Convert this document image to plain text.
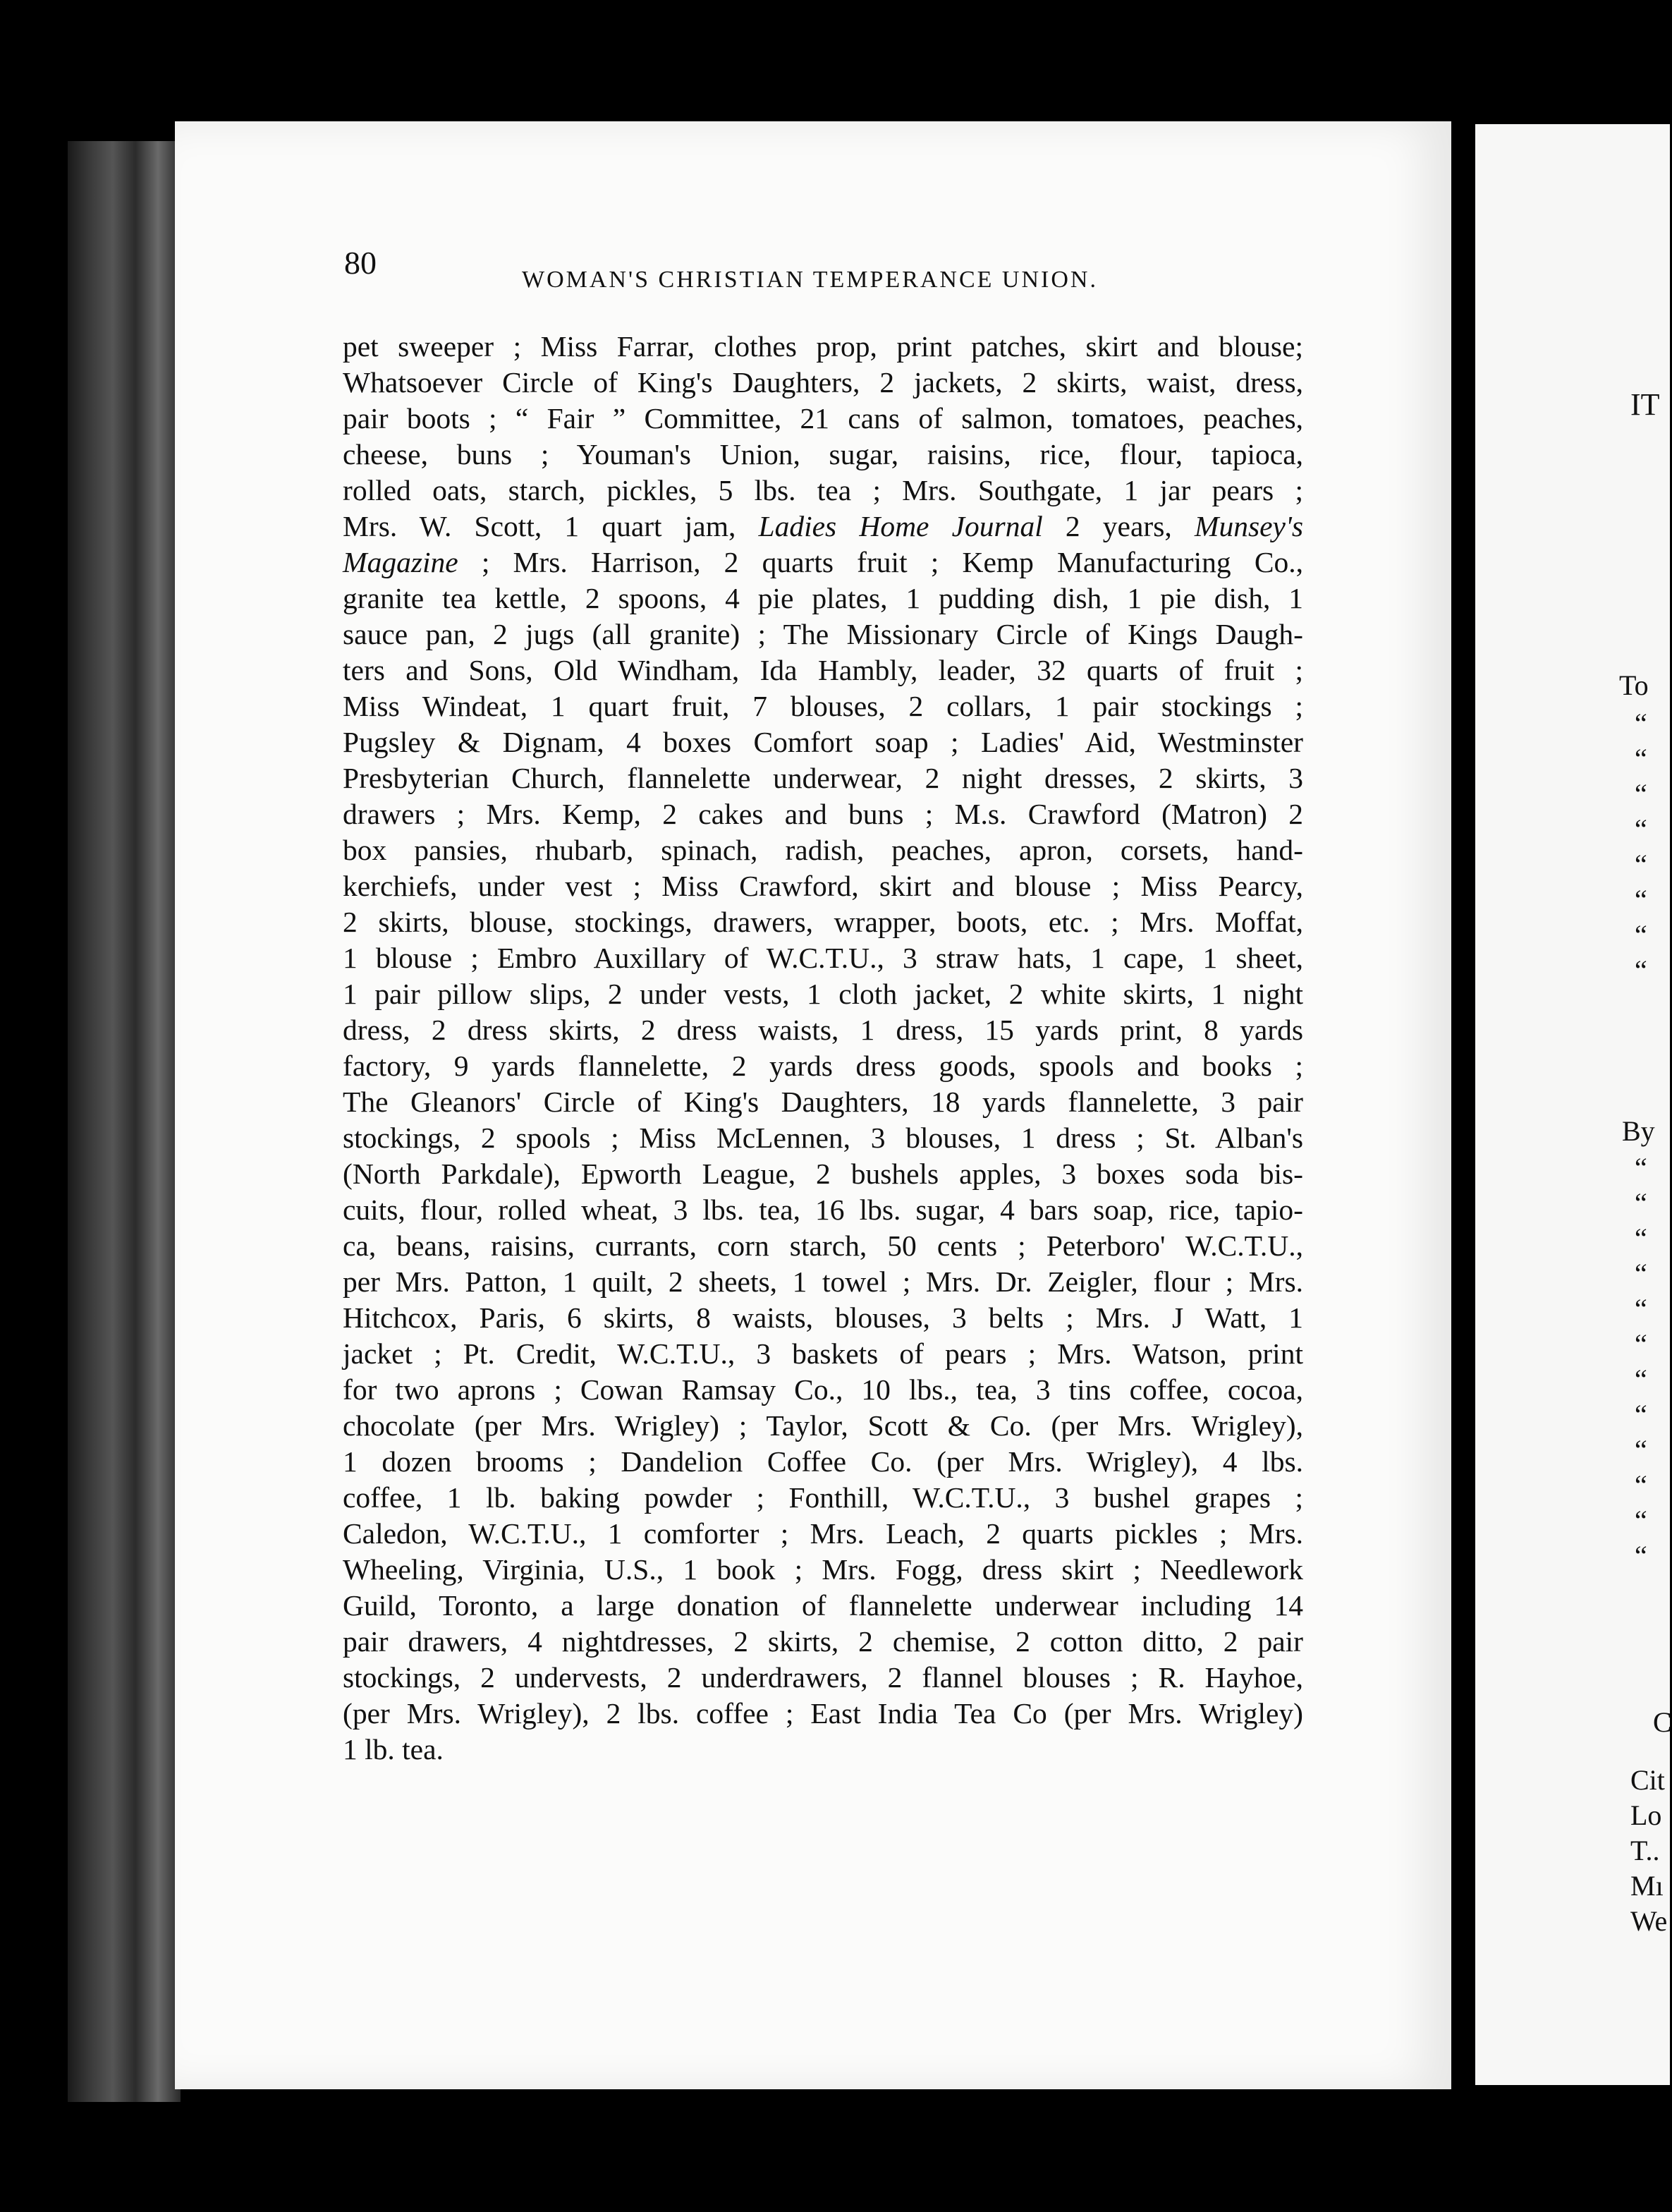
80	WOMAN'S CHRISTIAN TEMPERANCE UNION.
pet sweeper ; Miss Farrar, clothes prop, print patches, skirt and blouse;
Whatsoever Circle of King's Daughters, 2 jackets, 2 skirts, waist, dress,
pair boots ; “ Fair ” Committee, 21 cans of salmon, tomatoes, peaches,
cheese, buns ; Youman's Union, sugar, raisins, rice, flour, tapioca,
rolled oats, starch, pickles, 5 lbs. tea ; Mrs. Southgate, 1 jar pears ;
Mrs. W. Scott, 1 quart jam, Ladies Home Journal 2 years, Munsey's
Magazine ; Mrs. Harrison, 2 quarts fruit ; Kemp Manufacturing Co.,
granite tea kettle, 2 spoons, 4 pie plates, 1 pudding dish, 1 pie dish, 1
sauce pan, 2 jugs (all granite) ; The Missionary Circle of Kings Daugh-
ters and Sons, Old Windham, Ida Hambly, leader, 32 quarts of fruit ;
Miss Windeat, 1 quart fruit, 7 blouses, 2 collars, 1 pair stockings ;
Pugsley & Dignam, 4 boxes Comfort soap ; Ladies' Aid, Westminster
Presbyterian Church, flannelette underwear, 2 night dresses, 2 skirts, 3
drawers ; Mrs. Kemp, 2 cakes and buns ; M.s. Crawford (Matron) 2
box pansies, rhubarb, spinach, radish, peaches, apron, corsets, hand-
kerchiefs, under vest ; Miss Crawford, skirt and blouse ; Miss Pearcy,
2 skirts, blouse, stockings, drawers, wrapper, boots, etc. ; Mrs. Moffat,
1 blouse ; Embro Auxillary of W.C.T.U., 3 straw hats, 1 cape, 1 sheet,
1 pair pillow slips, 2 under vests, 1 cloth jacket, 2 white skirts, 1 night
dress, 2 dress skirts, 2 dress waists, 1 dress, 15 yards print, 8 yards
factory, 9 yards flannelette, 2 yards dress goods, spools and books ;
The Gleanors' Circle of King's Daughters, 18 yards flannelette, 3 pair
stockings, 2 spools ; Miss McLennen, 3 blouses, 1 dress ; St. Alban's
(North Parkdale), Epworth League, 2 bushels apples, 3 boxes soda bis-
cuits, flour, rolled wheat, 3 lbs. tea, 16 lbs. sugar, 4 bars soap, rice, tapio-
ca, beans, raisins, currants, corn starch, 50 cents ; Peterboro' W.C.T.U.,
per Mrs. Patton, 1 quilt, 2 sheets, 1 towel ; Mrs. Dr. Zeigler, flour ; Mrs.
Hitchcox, Paris, 6 skirts, 8 waists, blouses, 3 belts ; Mrs. J Watt, 1
jacket ; Pt. Credit, W.C.T.U., 3 baskets of pears ; Mrs. Watson, print
for two aprons ; Cowan Ramsay Co., 10 lbs., tea, 3 tins coffee, cocoa,
chocolate (per Mrs. Wrigley) ; Taylor, Scott & Co. (per Mrs. Wrigley),
1 dozen brooms ; Dandelion Coffee Co. (per Mrs. Wrigley), 4 lbs.
coffee, 1 lb. baking powder ; Fonthill, W.C.T.U., 3 bushel grapes ;
Caledon, W.C.T.U., 1 comforter ; Mrs. Leach, 2 quarts pickles ; Mrs.
Wheeling, Virginia, U.S., 1 book ; Mrs. Fogg, dress skirt ; Needlework
Guild, Toronto, a large donation of flannelette underwear including 14
pair drawers, 4 nightdresses, 2 skirts, 2 chemise, 2 cotton ditto, 2 pair
stockings, 2 undervests, 2 underdrawers, 2 flannel blouses ; R. Hayhoe,
(per Mrs. Wrigley), 2 lbs. coffee ; East India Tea Co (per Mrs. Wrigley)
1 lb. tea.
IT
To
“
“
“
“
“
“
“
“
By
“
“
“
“
“
“
“
“
“
“
“
“
C
Cit
Lo
T..
Mı
We
